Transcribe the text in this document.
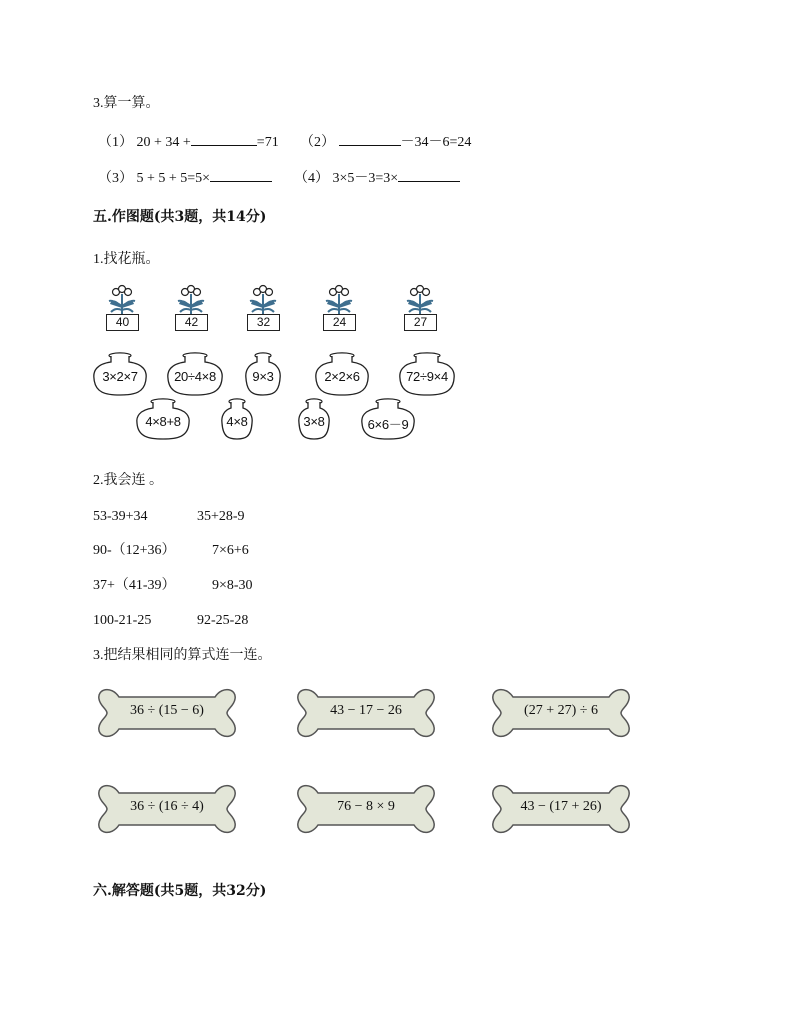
3.算一算。
（1） 20 + 34 +	=71 （2）	－34－6=24
（3） 5 + 5 + 5=5×	（4） 3×5－3=3×
五.作图题(共3题，共14分)
1.找花瓶。
40	42	32	24	27
3×2×7	20÷4×8	9×3	2×2×6	72÷9×4
4×8+8	4×8	3×8	6×6－9
2.我会连 。
53-39+34	35+28-9
90-（12+36）	7×6+6
37+（41-39）	9×8-30
100-21-25	92-25-28
3.把结果相同的算式连一连。
36 ÷ (15 − 6)	43 − 17 − 26	(27 + 27) ÷ 6
36 ÷ (16 ÷ 4)	76 − 8 × 9	43 − (17 + 26)
六.解答题(共5题，共32分)
